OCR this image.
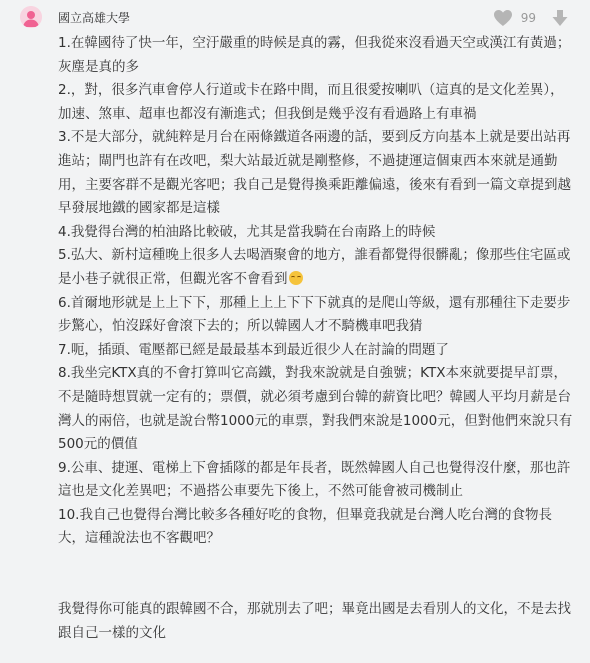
國立高雄大學	99

1.在韓國待了快一年，空汙嚴重的時候是真的霧，但我從來沒看過天空或漢江有黃過；灰塵是真的多

2.，對，很多汽車會停人行道或卡在路中間，而且很愛按喇叭（這真的是文化差異），加速、煞車、超車也都沒有漸進式；但我倒是幾乎沒有看過路上有車禍

3.不是大部分，就純粹是月台在兩條鐵道各兩邊的話，要到反方向基本上就是要出站再進站；閘門也許有在改吧，梨大站最近就是剛整修，不過捷運這個東西本來就是通勤用，主要客群不是觀光客吧；我自己是覺得換乘距離偏遠，後來有看到一篇文章提到越早發展地鐵的國家都是這樣

4.我覺得台灣的柏油路比較破，尤其是當我騎在台南路上的時候

5.弘大、新村這種晚上很多人去喝酒聚會的地方，誰看都覺得很髒亂；像那些住宅區或是小巷子就很正常，但觀光客不會看到

6.首爾地形就是上上下下，那種上上上下下下就真的是爬山等級，還有那種往下走要步步驚心，怕沒踩好會滾下去的；所以韓國人才不騎機車吧我猜

7.呃，插頭、電壓都已經是最最基本到最近很少人在討論的問題了

8.我坐完KTX真的不會打算叫它高鐵，對我來說就是自強號；KTX本來就要提早訂票，不是隨時想買就一定有的；票價，就必須考慮到台韓的薪資比吧？韓國人平均月薪是台灣人的兩倍，也就是說台幣1000元的車票，對我們來說是1000元，但對他們來說只有500元的價值

9.公車、捷運、電梯上下會插隊的都是年長者，既然韓國人自己也覺得沒什麼，那也許這也是文化差異吧；不過搭公車要先下後上，不然可能會被司機制止

10.我自己也覺得台灣比較多各種好吃的食物，但畢竟我就是台灣人吃台灣的食物長大，這種說法也不客觀吧？

我覺得你可能真的跟韓國不合，那就別去了吧；畢竟出國是去看別人的文化，不是去找跟自己一樣的文化
